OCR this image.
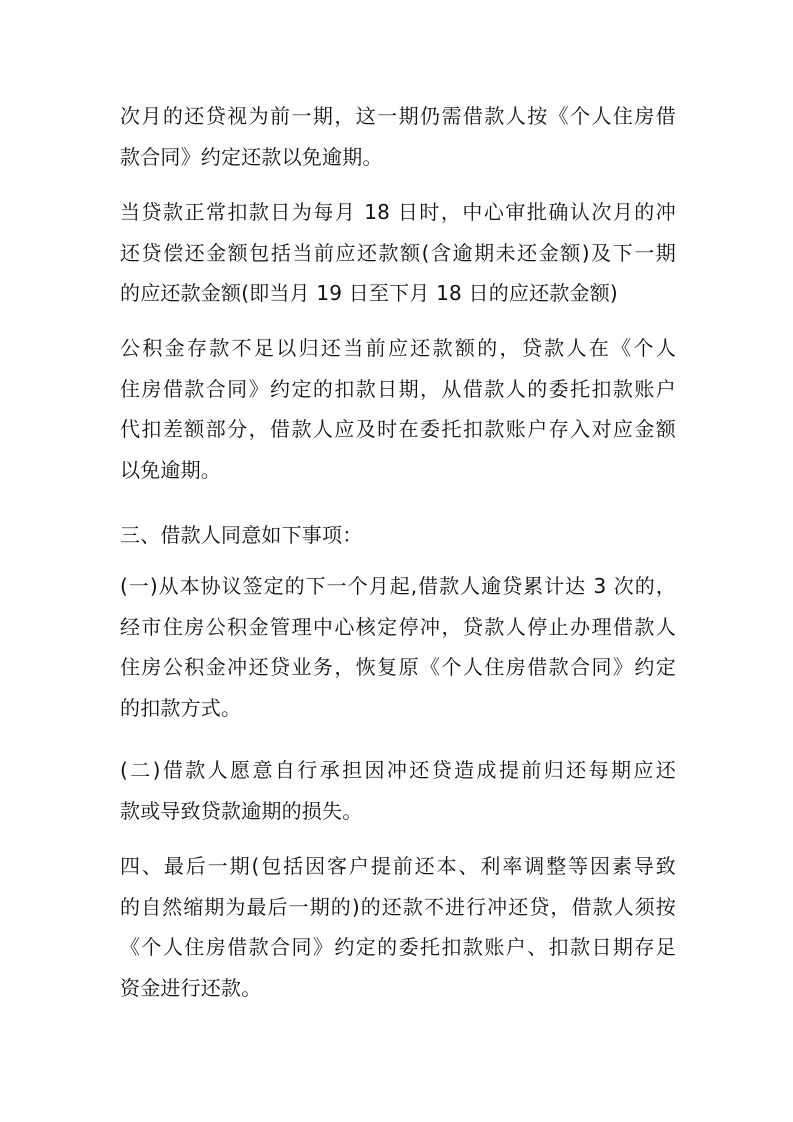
次月的还贷视为前一期，这一期仍需借款人按《个人住房借
款合同》约定还款以免逾期。

当贷款正常扣款日为每月 18 日时，中心审批确认次月的冲
还贷偿还金额包括当前应还款额(含逾期未还金额)及下一期
的应还款金额(即当月 19 日至下月 18 日的应还款金额)

公积金存款不足以归还当前应还款额的，贷款人在《个人
住房借款合同》约定的扣款日期，从借款人的委托扣款账户
代扣差额部分，借款人应及时在委托扣款账户存入对应金额
以免逾期。

三、借款人同意如下事项：

(一)从本协议签定的下一个月起,借款人逾贷累计达 3 次的，
经市住房公积金管理中心核定停冲，贷款人停止办理借款人
住房公积金冲还贷业务，恢复原《个人住房借款合同》约定
的扣款方式。

(二)借款人愿意自行承担因冲还贷造成提前归还每期应还
款或导致贷款逾期的损失。

四、最后一期(包括因客户提前还本、利率调整等因素导致
的自然缩期为最后一期的)的还款不进行冲还贷，借款人须按
《个人住房借款合同》约定的委托扣款账户、扣款日期存足
资金进行还款。
